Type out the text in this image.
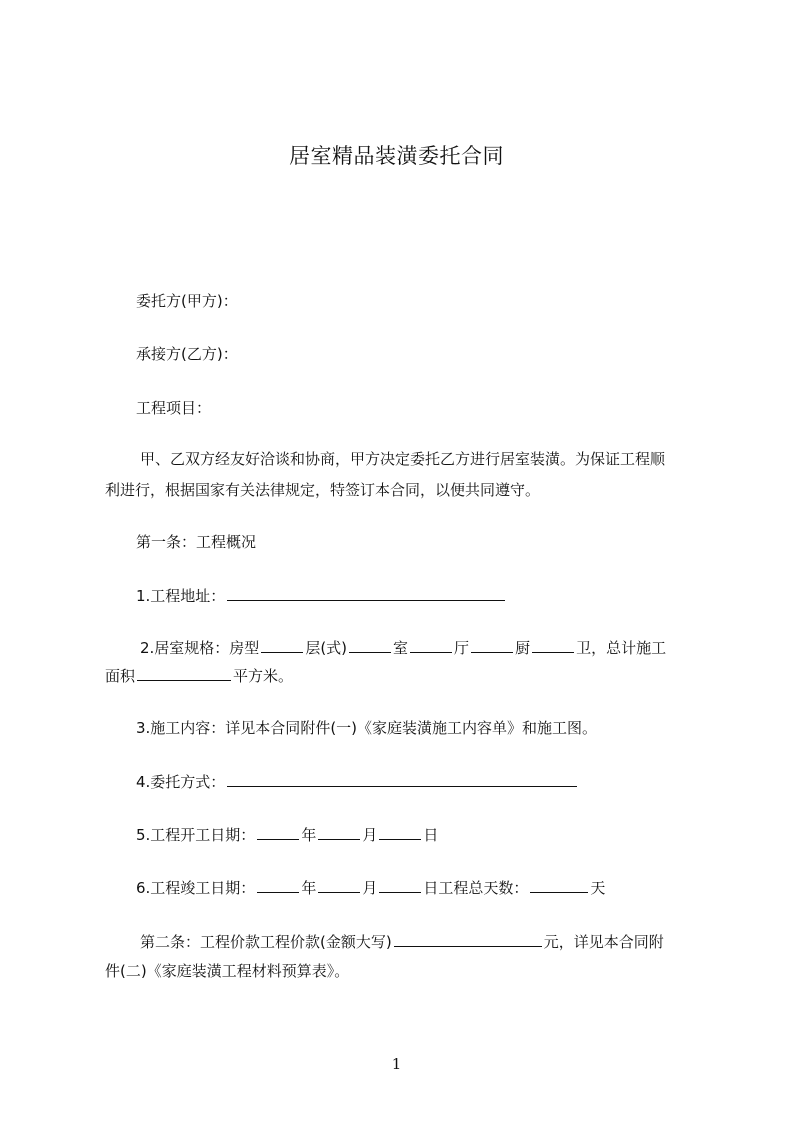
居室精品装潢委托合同
委托方(甲方)：
承接方(乙方)：
工程项目：
甲、乙双方经友好洽谈和协商，甲方决定委托乙方进行居室装潢。为保证工程顺
利进行，根据国家有关法律规定，特签订本合同，以便共同遵守。
第一条：工程概况
1.工程地址：
2.居室规格：房型	层(式)	室	厅	厨	卫，总计施工
面积	平方米。
3.施工内容：详见本合同附件(一)《家庭装潢施工内容单》和施工图。
4.委托方式：
5.工程开工日期：	年	月	日
6.工程竣工日期：	年	月	日工程总天数：	天
第二条：工程价款工程价款(金额大写)	元，详见本合同附
件(二)《家庭装潢工程材料预算表》。
1
